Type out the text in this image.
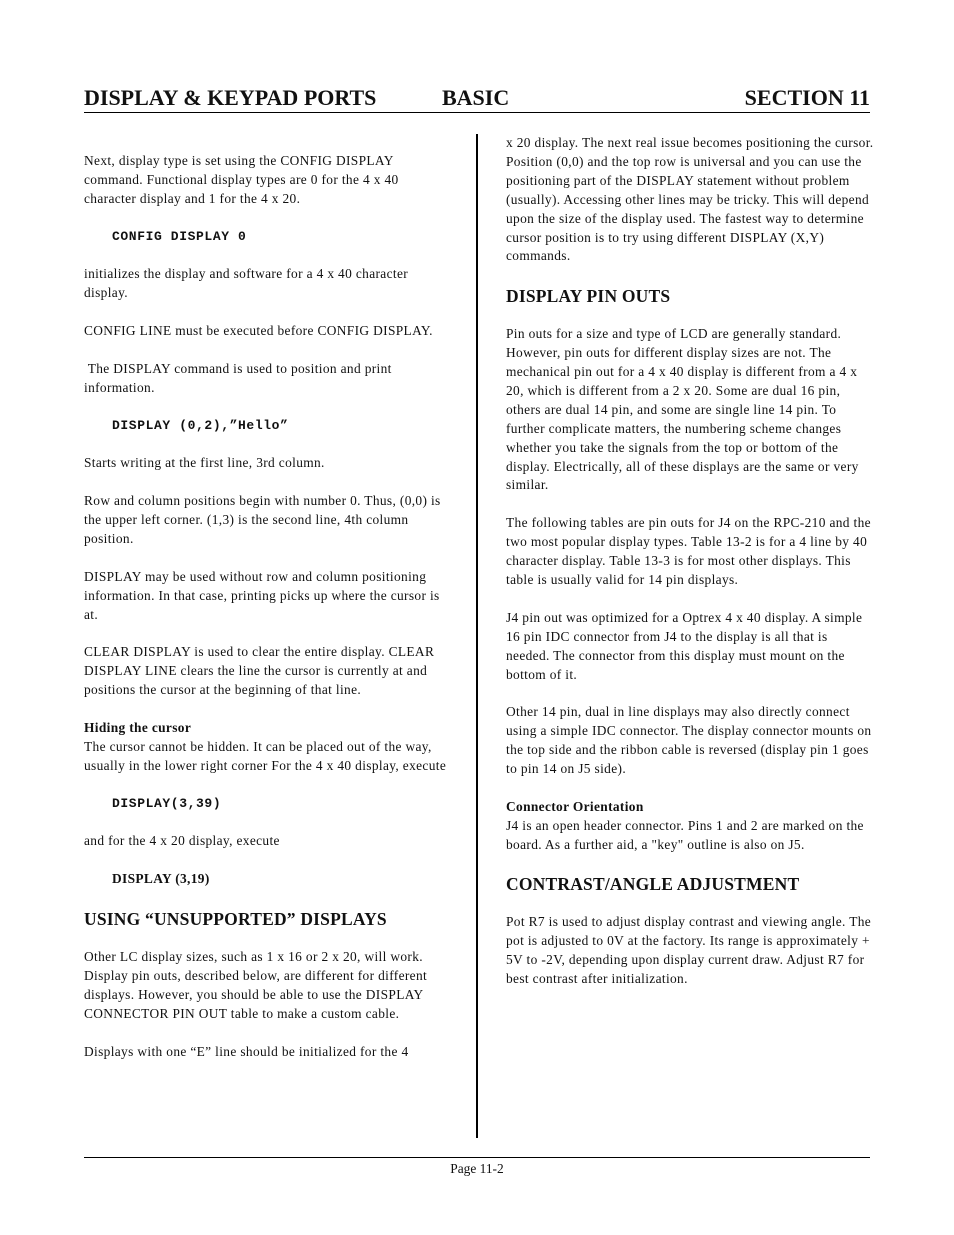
DISPLAY & KEYPAD PORTS	BASIC	SECTION 11

Next, display type is set using the CONFIG DISPLAY command. Functional display types are 0 for the 4 x 40 character display and 1 for the 4 x 20.

CONFIG DISPLAY 0

initializes the display and software for a 4 x 40 character display.

CONFIG LINE must be executed before CONFIG DISPLAY.

The DISPLAY command is used to position and print information.

DISPLAY (0,2),”Hello”

Starts writing at the first line, 3rd column.

Row and column positions begin with number 0. Thus, (0,0) is the upper left corner. (1,3) is the second line, 4th column position.

DISPLAY may be used without row and column positioning information. In that case, printing picks up where the cursor is at.

CLEAR DISPLAY is used to clear the entire display. CLEAR DISPLAY LINE clears the line the cursor is currently at and positions the cursor at the beginning of that line.

Hiding the cursor
The cursor cannot be hidden. It can be placed out of the way, usually in the lower right corner For the 4 x 40 display, execute
DISPLAY(3,39)

and for the 4 x 20 display, execute

DISPLAY (3,19)
USING “UNSUPPORTED” DISPLAYS

Other LC display sizes, such as 1 x 16 or 2 x 20, will work. Display pin outs, described below, are different for different displays. However, you should be able to use the DISPLAY CONNECTOR PIN OUT table to make a custom cable.

Displays with one “E” line should be initialized for the 4

x 20 display. The next real issue becomes positioning the cursor. Position (0,0) and the top row is universal and you can use the positioning part of the DISPLAY statement without problem (usually). Accessing other lines may be tricky. This will depend upon the size of the display used. The fastest way to determine cursor position is to try using different DISPLAY (X,Y) commands.

DISPLAY PIN OUTS

Pin outs for a size and type of LCD are generally standard. However, pin outs for different display sizes are not. The mechanical pin out for a 4 x 40 display is different from a 4 x 20, which is different from a 2 x 20. Some are dual 16 pin, others are dual 14 pin, and some are single line 14 pin. To further complicate matters, the numbering scheme changes whether you take the signals from the top or bottom of the display. Electrically, all of these displays are the same or very similar.

The following tables are pin outs for J4 on the RPC-210 and the two most popular display types. Table 13-2 is for a 4 line by 40 character display. Table 13-3 is for most other displays. This table is usually valid for 14 pin displays.

J4 pin out was optimized for a Optrex 4 x 40 display. A simple 16 pin IDC connector from J4 to the display is all that is needed. The connector from this display must mount on the bottom of it.

Other 14 pin, dual in line displays may also directly connect using a simple IDC connector. The display connector mounts on the top side and the ribbon cable is reversed (display pin 1 goes to pin 14 on J5 side).

Connector Orientation
J4 is an open header connector. Pins 1 and 2 are marked on the board. As a further aid, a "key" outline is also on J5.
CONTRAST/ANGLE ADJUSTMENT

Pot R7 is used to adjust display contrast and viewing angle. The pot is adjusted to 0V at the factory. Its range is approximately + 5V to -2V, depending upon display current draw. Adjust R7 for best contrast after initialization.

Page 11-2
